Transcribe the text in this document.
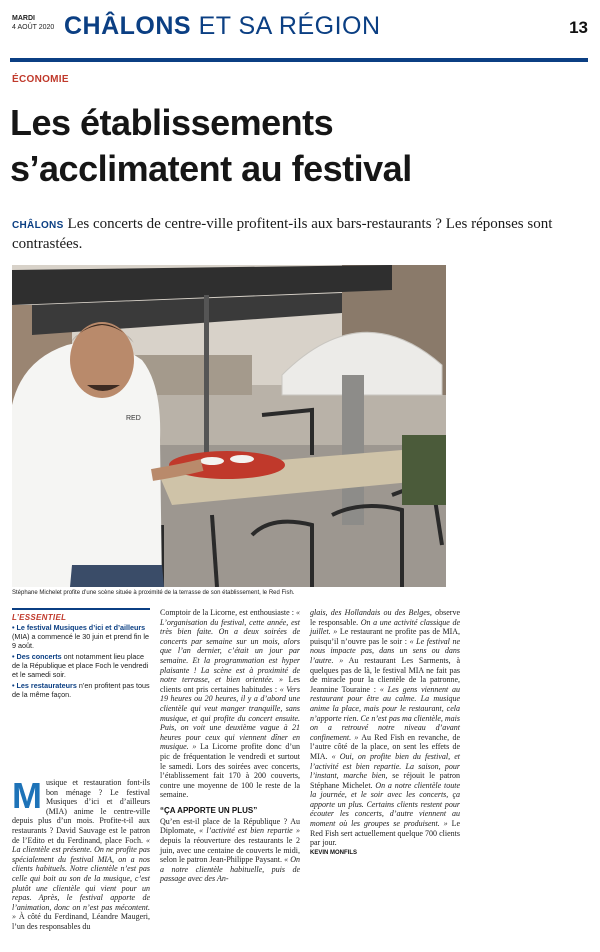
MARDI
4 AOÛT 2020 CHÂLONS ET SA RÉGION	13
ÉCONOMIE
Les établissements
s’acclimatent au festival
CHÂLONS Les concerts de centre-ville profitent-ils aux bars-restaurants ? Les réponses sont contrastées.
RED
Stéphane Michelet profite d’une scène située à proximité de la terrasse de son établissement, le Red Fish.
L’ESSENTIEL

• Le festival Musiques d’ici et d’ailleurs (MIA) a commencé le 30 juin et prend fin le 9 août.

• Des concerts ont notamment lieu place de la République et place Foch le vendredi et le samedi soir.

• Les restaurateurs n’en profitent pas tous de la même façon.

Musique et restauration font-ils bon ménage ? Le festival Musiques d’ici et d’ailleurs (MIA) anime le centre-ville depuis plus d’un mois. Profite-t-il aux restaurants ? David Sauvage est le patron de l’Edito et du Ferdinand, place Foch. « La clientèle est présente. On ne profite pas spécialement du festival MIA, on a nos clients habituels. Notre clientèle n’est pas celle qui boit au son de la musique, c’est plutôt une clientèle qui vient pour un repas. Après, le festival apporte de l’animation, donc on n’est pas mécontent. » À côté du Ferdinand, Léandre Maugeri, l’un des responsables du
Comptoir de la Licorne, est enthousiaste : « L’organisation du festival, cette année, est très bien faite. On a deux soirées de concerts par semaine sur un mois, alors que l’an dernier, c’était un jour par semaine. Et la programmation est hyper plaisante ! La scène est à proximité de notre terrasse, et bien orientée. » Les clients ont pris certaines habitudes : « Vers 19 heures ou 20 heures, il y a d’abord une clientèle qui veut manger tranquille, sans musique, et qui profite du concert ensuite. Puis, on voit une deuxième vague à 21 heures pour ceux qui viennent dîner en musique. » La Licorne profite donc d’un pic de fréquentation le vendredi et surtout le samedi. Lors des soirées avec concerts, l’établissement fait 170 à 200 couverts, contre une moyenne de 100 le reste de la semaine.
“ÇA APPORTE UN PLUS”
Qu’en est-il place de la République ? Au Diplomate, « l’activité est bien repartie » depuis la réouverture des restaurants le 2 juin, avec une centaine de couverts le midi, selon le patron Jean-Philippe Paysant. « On a notre clientèle habituelle, puis de passage avec des An-
glais, des Hollandais ou des Belges, observe le responsable. On a une activité classique de juillet. » Le restaurant ne profite pas de MIA, puisqu’il n’ouvre pas le soir : « Le festival ne nous impacte pas, dans un sens ou dans l’autre. » Au restaurant Les Sarments, à quelques pas de là, le festival MIA ne fait pas de miracle pour la clientèle de la patronne, Jeannine Touraine : « Les gens viennent au restaurant pour être au calme. La musique anime la place, mais pour le restaurant, cela n’apporte rien. Ce n’est pas ma clientèle, mais on a retrouvé notre niveau d’avant confinement. » Au Red Fish en revanche, de l’autre côté de la place, on sent les effets de MIA. « Oui, on profite bien du festival, et l’activité est bien repartie. La saison, pour l’instant, marche bien, se réjouit le patron Stéphane Michelet. On a notre clientèle toute la journée, et le soir avec les concerts, ça apporte un plus. Certains clients restent pour écouter les concerts, d’autre viennent au moment où les groupes se produisent. » Le Red Fish sert actuellement quelque 700 clients par jour.
KEVIN MONFILS
